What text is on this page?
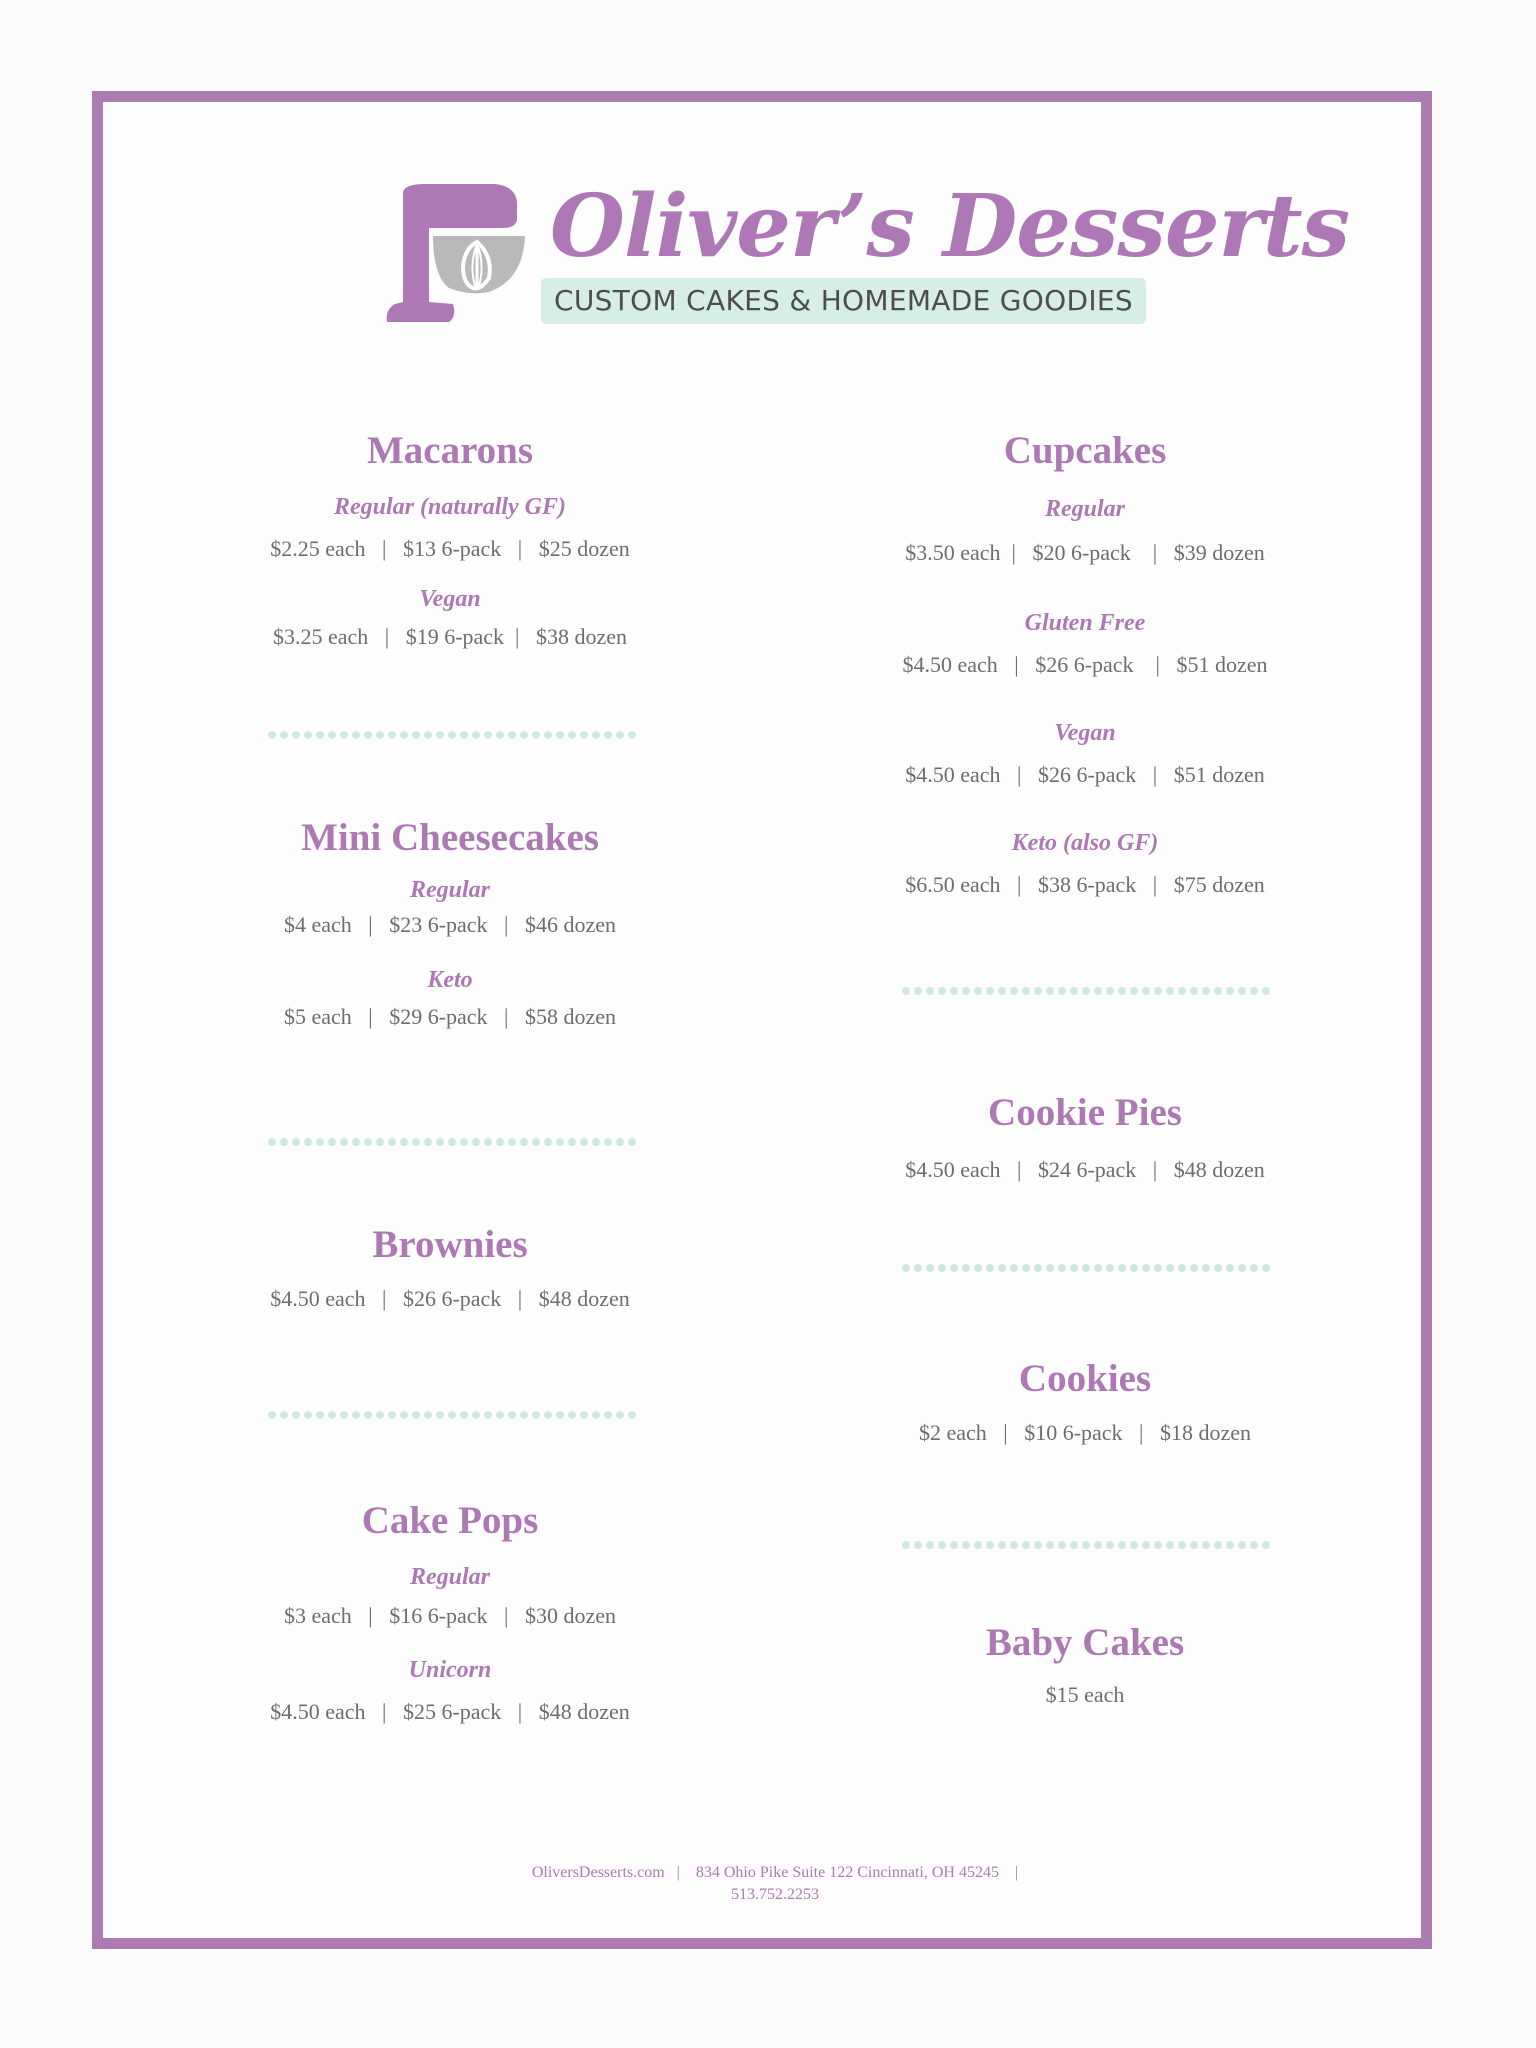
Oliver’s Desserts
CUSTOM CAKES & HOMEMADE GOODIES
Macarons
Regular (naturally GF)
$2.25 each   |   $13 6-pack   |   $25 dozen
Vegan
$3.25 each   |   $19 6-pack  |   $38 dozen
Mini Cheesecakes
Regular
$4 each   |   $23 6-pack   |   $46 dozen
Keto
$5 each   |   $29 6-pack   |   $58 dozen
Brownies
$4.50 each   |   $26 6-pack   |   $48 dozen
Cake Pops
Regular
$3 each   |   $16 6-pack   |   $30 dozen
Unicorn
$4.50 each   |   $25 6-pack   |   $48 dozen
Cupcakes
Regular
$3.50 each  |   $20 6-pack    |   $39 dozen
Gluten Free
$4.50 each   |   $26 6-pack    |   $51 dozen
Vegan
$4.50 each   |   $26 6-pack   |   $51 dozen
Keto (also GF)
$6.50 each   |   $38 6-pack   |   $75 dozen
Cookie Pies
$4.50 each   |   $24 6-pack   |   $48 dozen
Cookies
$2 each   |   $10 6-pack   |   $18 dozen
Baby Cakes
$15 each
OliversDesserts.com   |    834 Ohio Pike Suite 122 Cincinnati, OH 45245    |
513.752.2253
